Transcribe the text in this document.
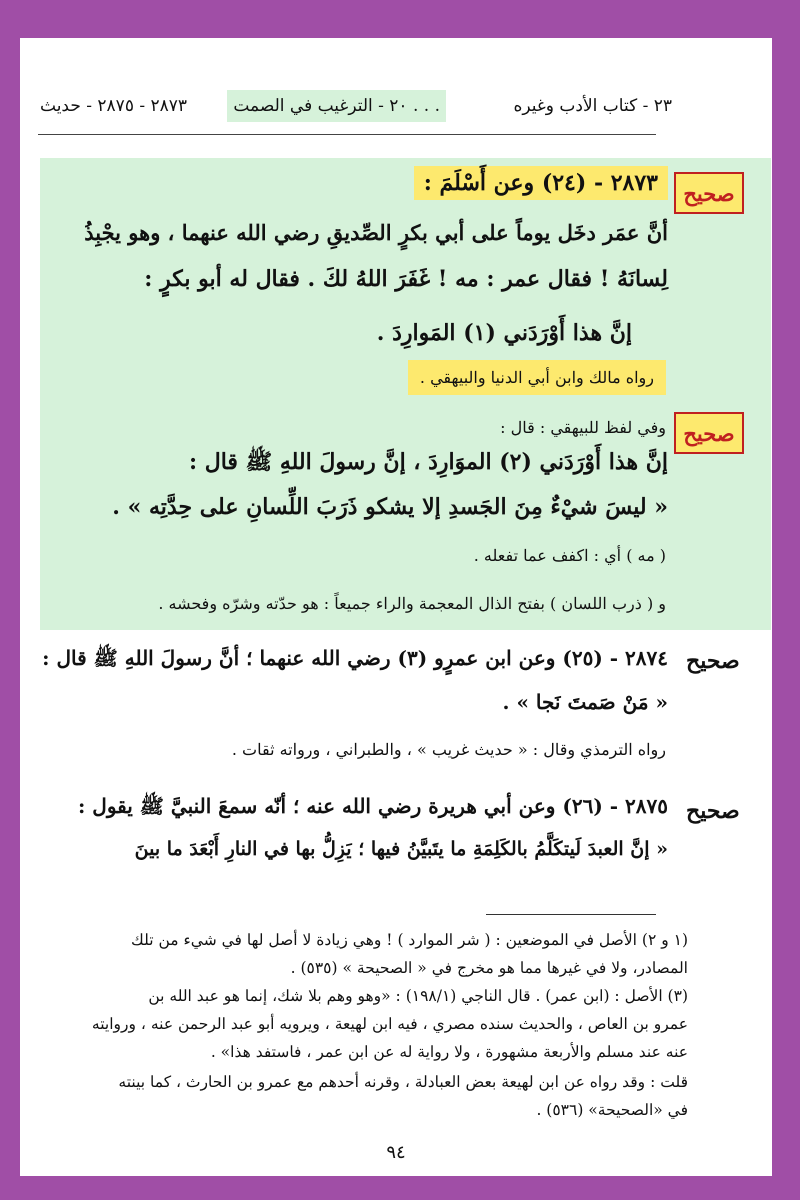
٢٣ - كتاب الأدب وغيره
٢٠ - الترغيب في الصمت . . .
٢٨٧٣ - ٢٨٧٥ - حديث
صحيح
صحيح
صحيح
صحيح
٢٨٧٣ - (٢٤) وعن أَسْلَمَ :
أنَّ عمَر دخَل يوماً على أبي بكرٍ الصِّديقِ رضي الله عنهما ، وهو يجْبِذُ
لِسانَهُ ! فقال عمر : مه ! غَفَرَ اللهُ لكَ . فقال له أبو بكرٍ :
إنَّ هذا أَوْرَدَني (١) المَوارِدَ .
رواه مالك وابن أبي الدنيا والبيهقي .
وفي لفظ للبيهقي : قال :
إنَّ هذا أَوْرَدَني (٢) الموَارِدَ ، إنَّ رسولَ اللهِ ﷺ قال :
« ليسَ شيْءٌ مِنَ الجَسدِ إلا يشكو ذَرَبَ اللِّسانِ على حِدَّتِه » .
( مه ) أي : اكفف عما تفعله .
و ( ذرب اللسان ) بفتح الذال المعجمة والراء جميعاً : هو حدّته وشرّه وفحشه .
٢٨٧٤ - (٢٥) وعن ابن عمرٍو (٣) رضي الله عنهما ؛ أنَّ رسولَ اللهِ ﷺ قال :
« مَنْ صَمتَ نَجا » .
رواه الترمذي وقال : « حديث غريب » ، والطبراني ، ورواته ثقات .
٢٨٧٥ - (٢٦) وعن أبي هريرة رضي الله عنه ؛ أنّه سمعَ النبيَّ ﷺ يقول :
« إنَّ العبدَ لَيتكَلَّمُ بالكَلِمَةِ ما يتَبيَّنُ فيها ؛ يَزِلُّ بها في النارِ أَبْعَدَ ما بينَ
(١ و ٢) الأصل في الموضعين : ( شر الموارد ) ! وهي زيادة لا أصل لها في شيء من تلك
المصادر، ولا في غيرها مما هو مخرج في « الصحيحة » (٥٣٥) .
(٣) الأصل : (ابن عمر) . قال الناجي (١٩٨/١) : «وهو وهم بلا شك، إنما هو عبد الله بن
عمرو بن العاص ، والحديث سنده مصري ، فيه ابن لهيعة ، ويرويه أبو عبد الرحمن عنه ، وروايته
عنه عند مسلم والأربعة مشهورة ، ولا رواية له عن ابن عمر ، فاستفد هذا» .
قلت : وقد رواه عن ابن لهيعة بعض العبادلة ، وقرنه أحدهم مع عمرو بن الحارث ، كما بينته
في «الصحيحة» (٥٣٦) .
٩٤
